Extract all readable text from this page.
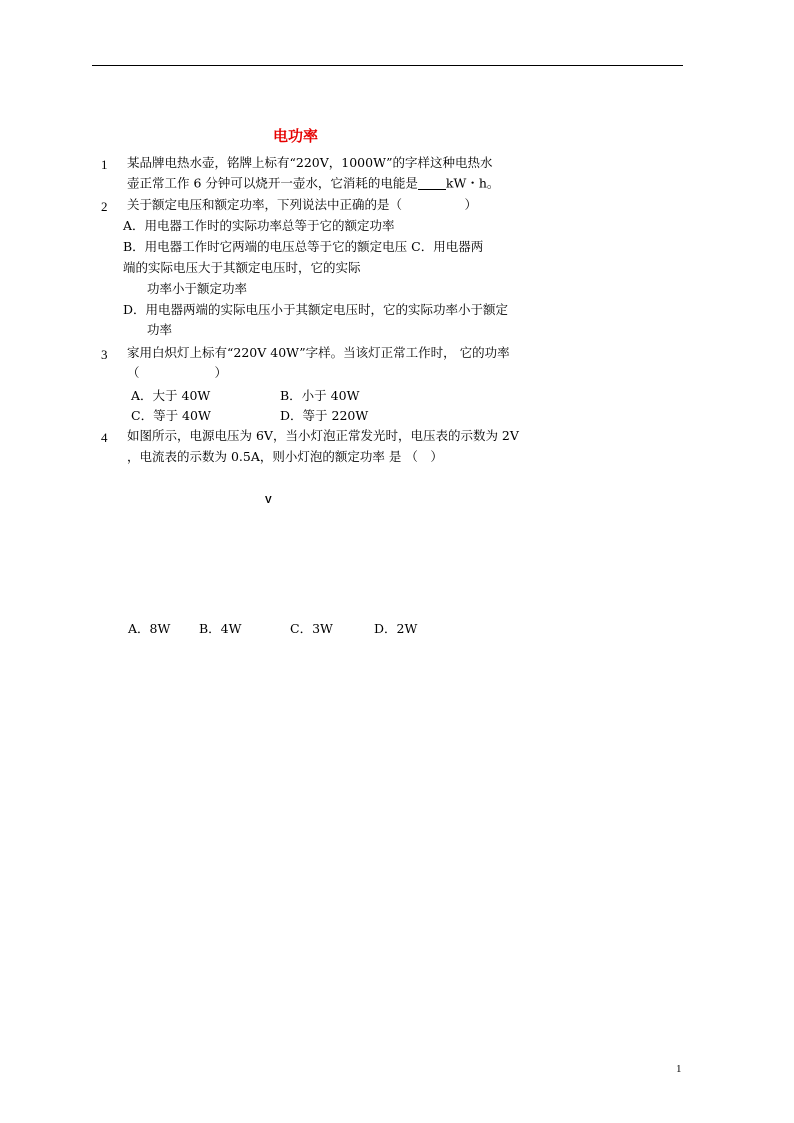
电功率
1 某品牌电热水壶，铭牌上标有“220V，1000W”的字样这种电热水
壶正常工作 6 分钟可以烧开一壶水，它消耗的电能是 kW・h。
2 关于额定电压和额定功率，下列说法中正确的是（　　　　　）
A．用电器工作时的实际功率总等于它的额定功率
B．用电器工作时它两端的电压总等于它的额定电压 C．用电器两
端的实际电压大于其额定电压时，它的实际
功率小于额定功率
D．用电器两端的实际电压小于其额定电压时，它的实际功率小于额定
功率
3 家用白炽灯上标有“220V 40W”字样。当该灯正常工作时， 它的功率
（　　　　　　）
A．大于 40W	B．小于 40W
C．等于 40W	D．等于 220W
4 如图所示，电源电压为 6V，当小灯泡正常发光时，电压表的示数为 2V
，电流表的示数为 0.5A，则小灯泡的额定功率 是 （　）
V
A．8W B．4W	C．3W	D．2W
1
